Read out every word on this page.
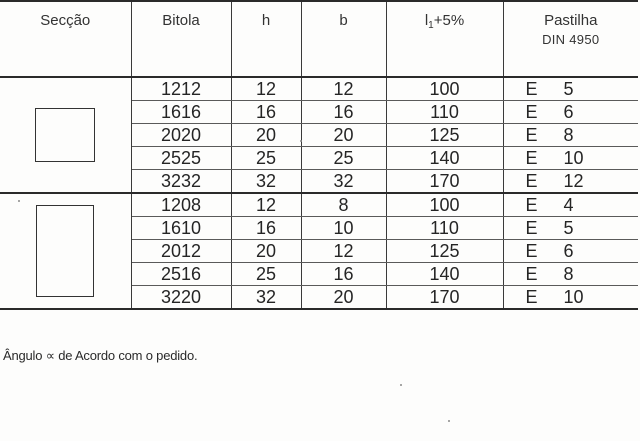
Secção	Bitola	h	b	$l_1+5\%$	Pastilha
DIN 4950

	1212	12	12	100	E 5
	1616	16	16	110	E 6
	2020	20	20	125	E 8
	2525	25	25	140	E 10
	3232	32	32	170	E 12

	1208	12	8	100	E 4
	1610	16	10	110	E 5
	2012	20	12	125	E 6
	2516	25	16	140	E 8
	3220	32	20	170	E 10
Ângulo ∝ de Acordo com o pedido.
